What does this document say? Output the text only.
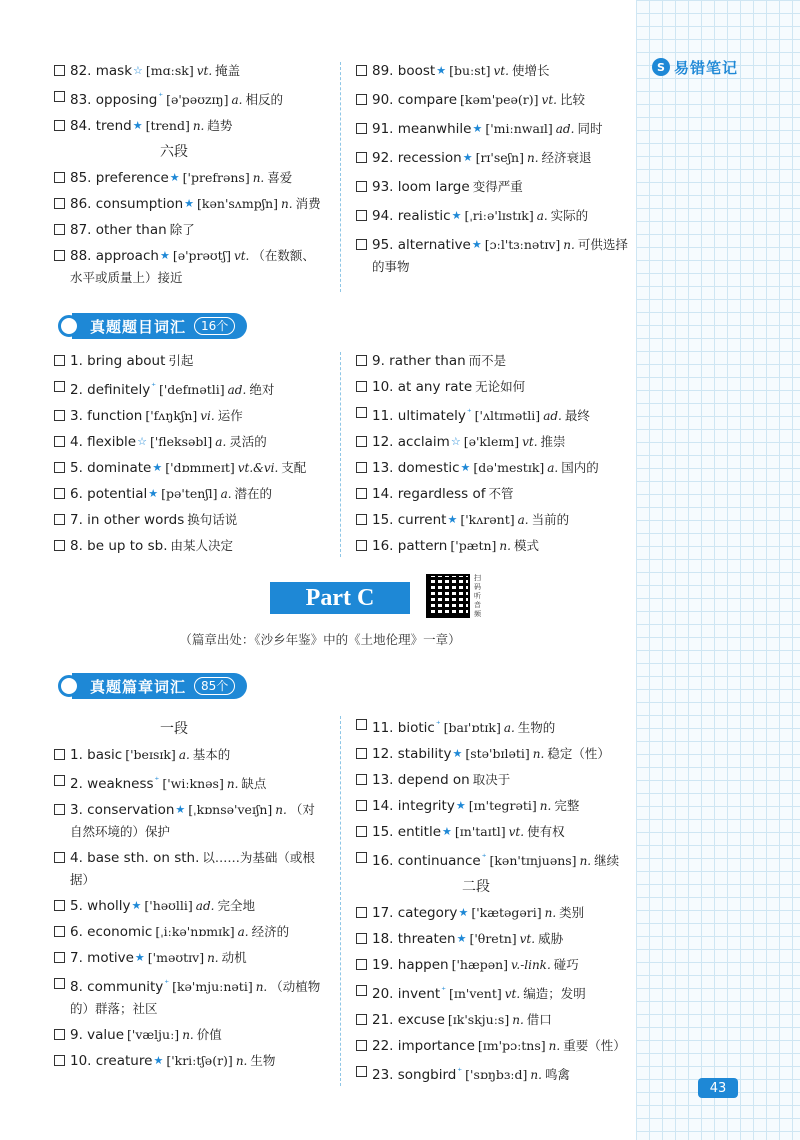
S 易错笔记
82. mask☆ [mɑːsk] vt. 掩盖
83. opposing⁺ [ə'pəʊzɪŋ] a. 相反的
84. trend★ [trend] n. 趋势
六段
85. preference★ ['prefrəns] n. 喜爱
86. consumption★ [kən'sʌmpʃn] n. 消费
87. other than 除了
88. approach★ [ə'prəʊtʃ] vt. （在数额、水平或质量上）接近
89. boost★ [buːst] vt. 使增长
90. compare [kəm'peə(r)] vt. 比较
91. meanwhile★ ['miːnwaɪl] ad. 同时
92. recession★ [rɪ'seʃn] n. 经济衰退
93. loom large 变得严重
94. realistic★ [ˌriːə'lɪstɪk] a. 实际的
95. alternative★ [ɔːl'tɜːnətɪv] n. 可供选择的事物
真题题目词汇	16个
1. bring about 引起
2. definitely⁺ ['defɪnətli] ad. 绝对
3. function ['fʌŋkʃn] vi. 运作
4. flexible☆ ['fleksəbl] a. 灵活的
5. dominate★ ['dɒmɪneɪt] vt.&vi. 支配
6. potential★ [pə'tenʃl] a. 潜在的
7. in other words 换句话说
8. be up to sb. 由某人决定
9. rather than 而不是
10. at any rate 无论如何
11. ultimately⁺ ['ʌltɪmətli] ad. 最终
12. acclaim☆ [ə'kleɪm] vt. 推崇
13. domestic★ [də'mestɪk] a. 国内的
14. regardless of 不管
15. current★ ['kʌrənt] a. 当前的
16. pattern ['pætn] n. 模式
Part C
扫码听音频
（篇章出处：《沙乡年鉴》中的《土地伦理》一章）
真题篇章词汇	85个
一段
1. basic ['beɪsɪk] a. 基本的
2. weakness⁺ ['wiːknəs] n. 缺点
3. conservation★ [ˌkɒnsə'veɪʃn] n. （对自然环境的）保护
4. base sth. on sth. 以……为基础（或根据）
5. wholly★ ['həʊlli] ad. 完全地
6. economic [ˌiːkə'nɒmɪk] a. 经济的
7. motive★ ['məʊtɪv] n. 动机
8. community⁺ [kə'mjuːnəti] n. （动植物的）群落；社区
9. value ['væljuː] n. 价值
10. creature★ ['kriːtʃə(r)] n. 生物
11. biotic⁺ [baɪ'ɒtɪk] a. 生物的
12. stability★ [stə'bɪləti] n. 稳定（性）
13. depend on 取决于
14. integrity★ [ɪn'tegrəti] n. 完整
15. entitle★ [ɪn'taɪtl] vt. 使有权
16. continuance⁺ [kən'tɪnjuəns] n. 继续
二段
17. category★ ['kætəgəri] n. 类别
18. threaten★ ['θretn] vt. 威胁
19. happen ['hæpən] v.-link. 碰巧
20. invent⁺ [ɪn'vent] vt. 编造；发明
21. excuse [ɪk'skjuːs] n. 借口
22. importance [ɪm'pɔːtns] n. 重要（性）
23. songbird⁺ ['sɒŋbɜːd] n. 鸣禽
43
